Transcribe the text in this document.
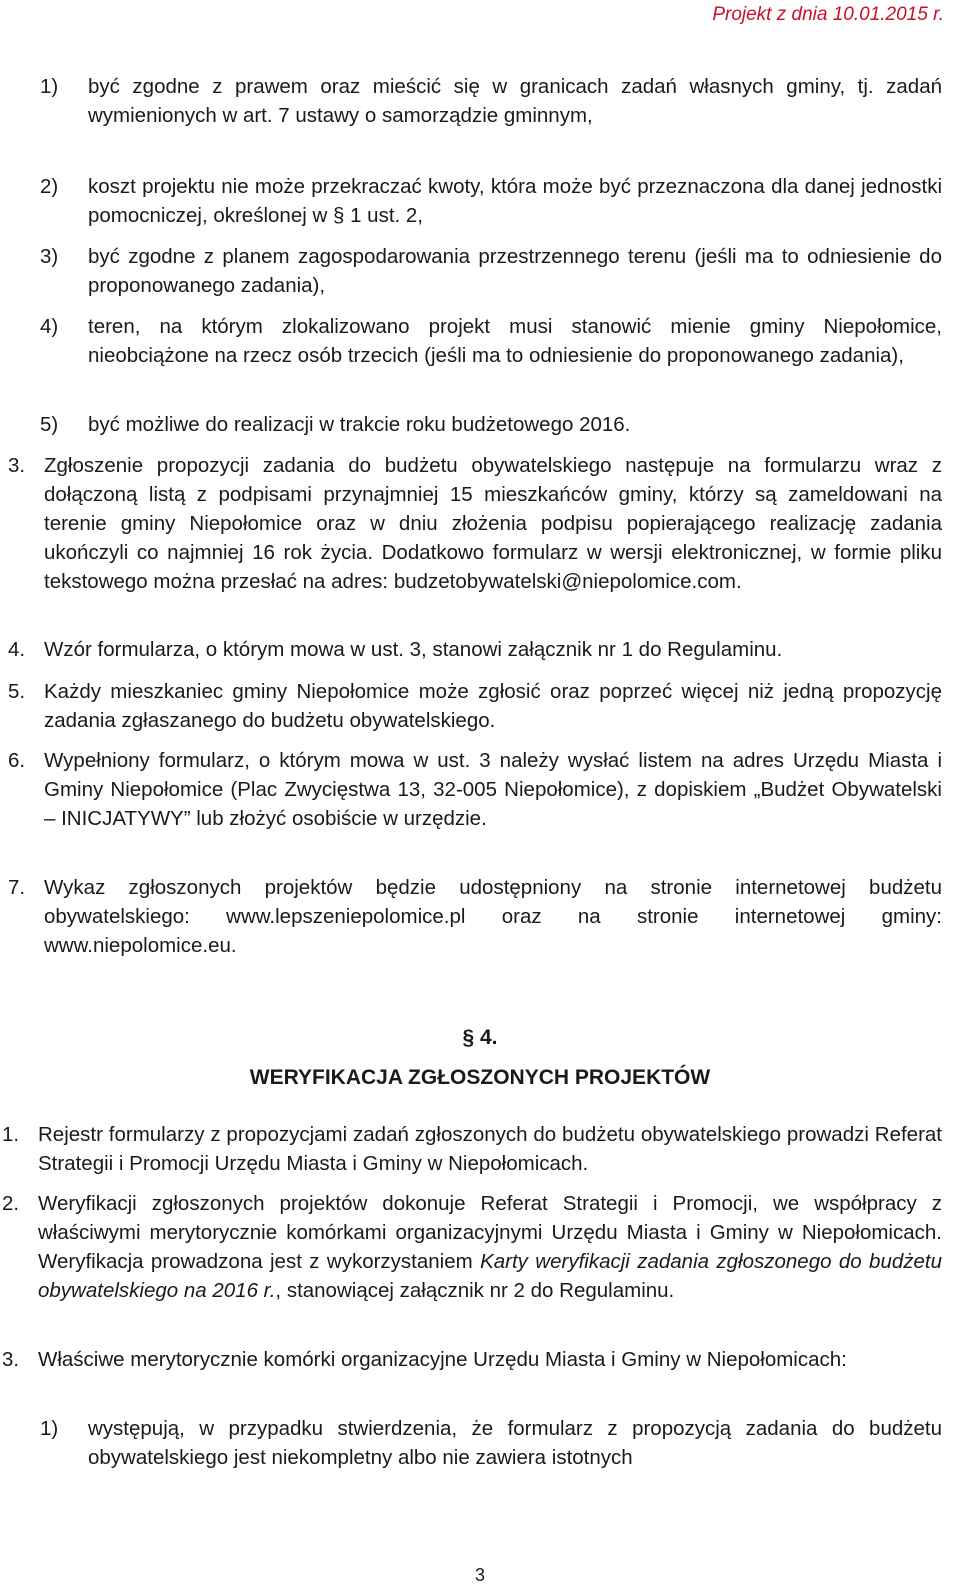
Projekt z dnia 10.01.2015 r.
1)	być zgodne z prawem oraz mieścić się w granicach zadań własnych gminy, tj. zadań wymienionych w art. 7 ustawy o samorządzie gminnym,
2)	koszt projektu nie może przekraczać kwoty, która może być przeznaczona dla danej jednostki pomocniczej, określonej w § 1 ust. 2,
3)	być zgodne z planem zagospodarowania przestrzennego terenu (jeśli ma to odniesienie do proponowanego zadania),
4)	teren, na którym zlokalizowano projekt musi stanowić mienie gminy Niepołomice, nieobciążone na rzecz osób trzecich (jeśli ma to odniesienie do proponowanego zadania),
5)	być możliwe do realizacji w trakcie roku budżetowego 2016.
3. Zgłoszenie propozycji zadania do budżetu obywatelskiego następuje na formularzu wraz z dołączoną listą z podpisami przynajmniej 15 mieszkańców gminy, którzy są zameldowani na terenie gminy Niepołomice oraz w dniu złożenia podpisu popierającego realizację zadania ukończyli co najmniej 16 rok życia. Dodatkowo formularz w wersji elektronicznej, w formie pliku tekstowego można przesłać na adres: budzetobywatelski@niepolomice.com.
4. Wzór formularza, o którym mowa w ust. 3, stanowi załącznik nr 1 do Regulaminu.
5. Każdy mieszkaniec gminy Niepołomice może zgłosić oraz poprzeć więcej niż jedną propozycję zadania zgłaszanego do budżetu obywatelskiego.
6. Wypełniony formularz, o którym mowa w ust. 3 należy wysłać listem na adres Urzędu Miasta i Gminy Niepołomice (Plac Zwycięstwa 13, 32-005 Niepołomice), z dopiskiem „Budżet Obywatelski – INICJATYWY” lub złożyć osobiście w urzędzie.
7. Wykaz zgłoszonych projektów będzie udostępniony na stronie internetowej budżetu obywatelskiego: www.lepszeniepolomice.pl oraz na stronie internetowej gminy: www.niepolomice.eu.
§ 4.
WERYFIKACJA ZGŁOSZONYCH PROJEKTÓW
1. Rejestr formularzy z propozycjami zadań zgłoszonych do budżetu obywatelskiego prowadzi Referat Strategii i Promocji Urzędu Miasta i Gminy w Niepołomicach.
2. Weryfikacji zgłoszonych projektów dokonuje Referat Strategii i Promocji, we współpracy z właściwymi merytorycznie komórkami organizacyjnymi Urzędu Miasta i Gminy w Niepołomicach. Weryfikacja prowadzona jest z wykorzystaniem Karty weryfikacji zadania zgłoszonego do budżetu obywatelskiego na 2016 r., stanowiącej załącznik nr 2 do Regulaminu.
3. Właściwe merytorycznie komórki organizacyjne Urzędu Miasta i Gminy w Niepołomicach:
1)	występują, w przypadku stwierdzenia, że formularz z propozycją zadania do budżetu obywatelskiego jest niekompletny albo nie zawiera istotnych
3
